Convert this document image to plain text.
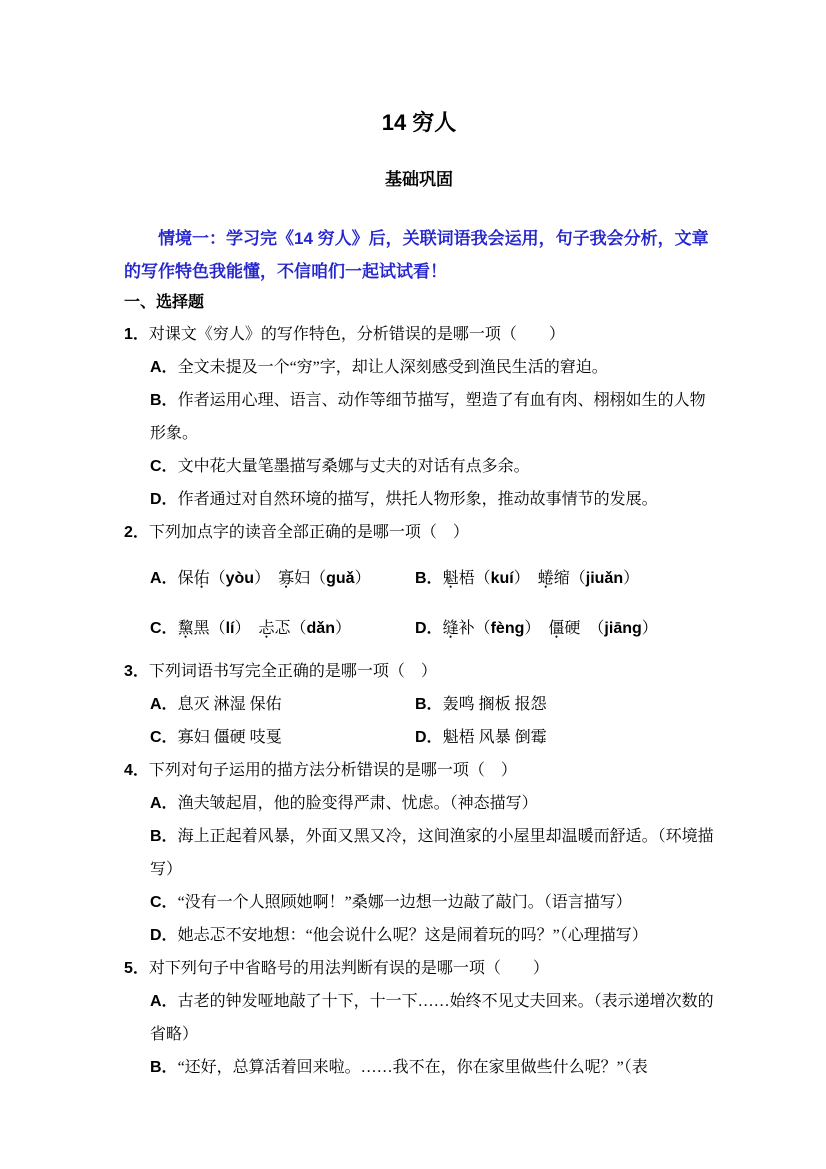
14 穷人
基础巩固
情境一：学习完《14 穷人》后，关联词语我会运用，句子我会分析，文章
的写作特色我能懂，不信咱们一起试试看！
一、选择题
1．对课文《穷人》的写作特色，分析错误的是哪一项（　　）
A．全文未提及一个“穷”字，却让人深刻感受到渔民生活的窘迫。
B．作者运用心理、语言、动作等细节描写，塑造了有血有肉、栩栩如生的人物形象。
C．文中花大量笔墨描写桑娜与丈夫的对话有点多余。
D．作者通过对自然环境的描写，烘托人物形象，推动故事情节的发展。
2．下列加点字的读音全部正确的是哪一项（　）
A．保佑（yòu）　寡妇（guǎ）	B．魁梧（kuí）　蜷缩（jiuǎn）
C．黧黑（lí）　忐忑（dǎn）	D．缝补（fèng）　僵硬　（jiāng）
3．下列词语书写完全正确的是哪一项（　）
A．息灭 淋湿 保佑	B．轰鸣 搁板 报怨
C．寡妇 僵硬 吱戛	D．魁梧 风暴 倒霉
4．下列对句子运用的描方法分析错误的是哪一项（　）
A．渔夫皱起眉，他的脸变得严肃、忧虑。（神态描写）
B．海上正起着风暴，外面又黑又冷，这间渔家的小屋里却温暖而舒适。（环境描写）
C．“没有一个人照顾她啊！”桑娜一边想一边敲了敲门。（语言描写）
D．她忐忑不安地想：“他会说什么呢？这是闹着玩的吗？”（心理描写）
5．对下列句子中省略号的用法判断有误的是哪一项（　　）
A．古老的钟发哑地敲了十下，十一下……始终不见丈夫回来。（表示递增次数的省略）
B．“还好，总算活着回来啦。……我不在，你在家里做些什么呢？”（表
